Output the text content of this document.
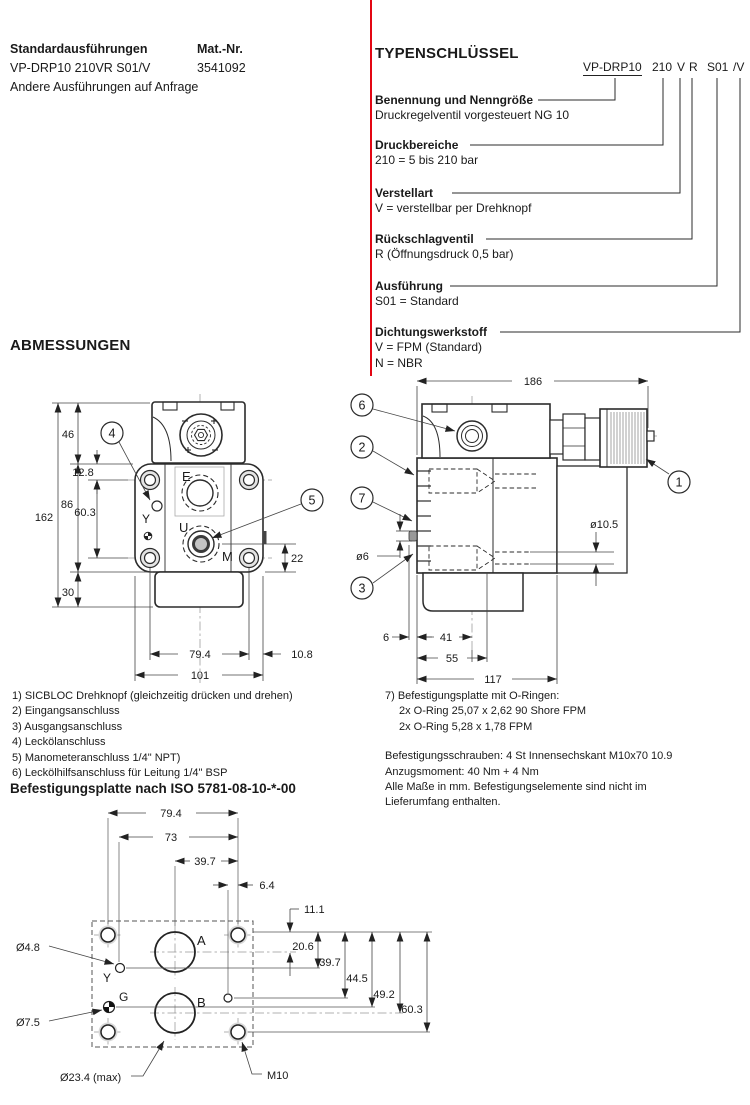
Standardausführungen	Mat.-Nr.
VP-DRP10 210VR S01/V	3541092
Andere Ausführungen auf Anfrage
TYPENSCHLÜSSEL
VP-DRP10 210 V R S01 /V
Benennung und Nenngröße
Druckregelventil vorgesteuert NG 10
Druckbereiche
210 = 5 bis 210 bar
Verstellart
V = verstellbar per Drehknopf
Rückschlagventil
R (Öffnungsdruck 0,5 bar)
Ausführung
S01 = Standard
Dichtungswerkstoff
V = FPM (Standard)
N = NBR
ABMESSUNGEN
4
5
162
46
12.8
86
60.3
30
22
79.4	10.8
101
E
U
M
Y
6
2
7
3
1
186
ø6
ø10.5
6	41
55
117
1) SICBLOC Drehknopf (gleichzeitig drücken und drehen)
2) Eingangsanschluss
3) Ausgangsanschluss
4) Leckölanschluss
5) Manometeranschluss 1/4" NPT)
6) Leckölhilfsanschluss für Leitung 1/4" BSP
7) Befestigungsplatte mit O-Ringen:
2x O-Ring 25,07 x 2,62 90 Shore FPM
2x O-Ring 5,28 x 1,78 FPM
Befestigungsschrauben: 4 St Innensechskant M10x70 10.9
Anzugsmoment: 40 Nm + 4 Nm
Alle Maße in mm. Befestigungselemente sind nicht im
Lieferumfang enthalten.
Befestigungsplatte nach ISO 5781-08-10-*-00
79.4
73
39.7
6.4
11.1
20.6
39.7
44.5
49.2
60.3
Ø4.8
Ø7.5
Ø23.4 (max)	M10
A
B
Y
G
